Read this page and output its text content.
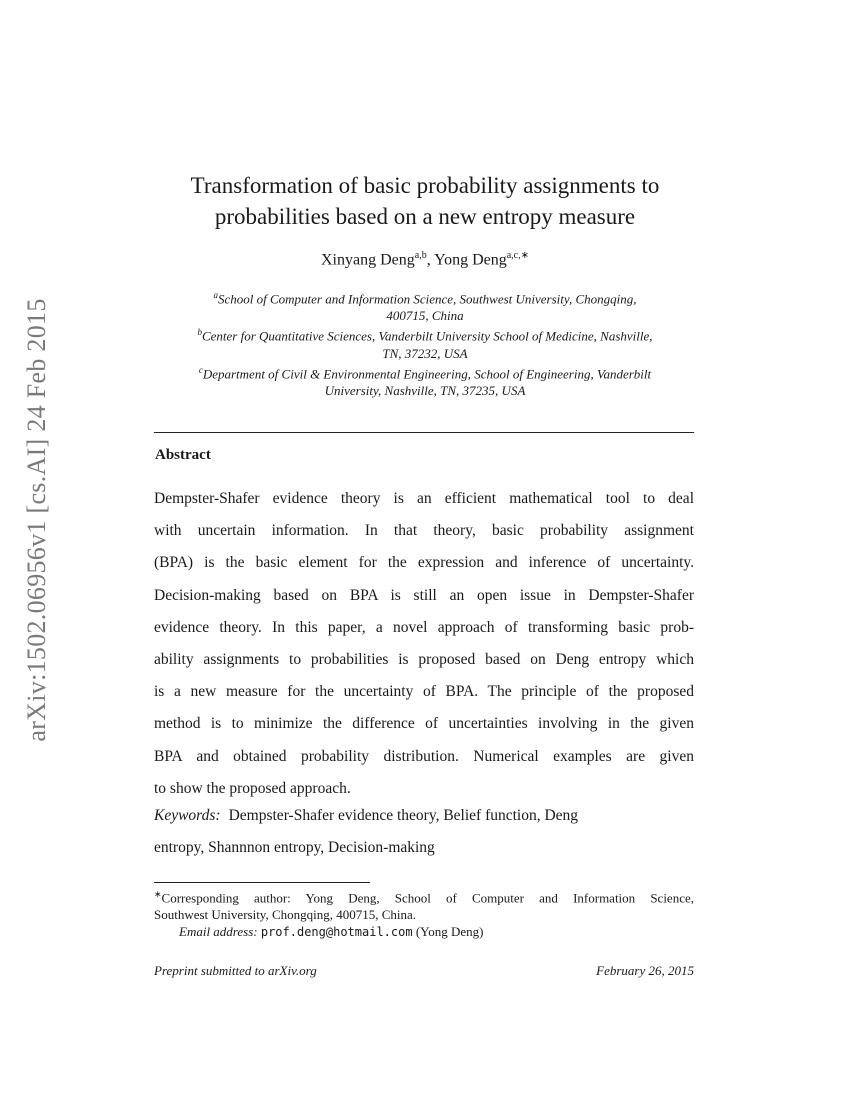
arXiv:1502.06956v1 [cs.AI] 24 Feb 2015
Transformation of basic probability assignments to
probabilities based on a new entropy measure
Xinyang Deng$^{a,b}$, Yong Deng$^{a,c,∗}$
$^a$School of Computer and Information Science, Southwest University, Chongqing,
400715, China
$^b$Center for Quantitative Sciences, Vanderbilt University School of Medicine, Nashville,
TN, 37232, USA
$^c$Department of Civil & Environmental Engineering, School of Engineering, Vanderbilt
University, Nashville, TN, 37235, USA
Abstract
Dempster-Shafer evidence theory is an efficient mathematical tool to deal
with uncertain information. In that theory, basic probability assignment
(BPA) is the basic element for the expression and inference of uncertainty.
Decision-making based on BPA is still an open issue in Dempster-Shafer
evidence theory. In this paper, a novel approach of transforming basic prob-
ability assignments to probabilities is proposed based on Deng entropy which
is a new measure for the uncertainty of BPA. The principle of the proposed
method is to minimize the difference of uncertainties involving in the given
BPA and obtained probability distribution. Numerical examples are given
to show the proposed approach.
Keywords: Dempster-Shafer evidence theory, Belief function, Deng
entropy, Shannnon entropy, Decision-making
∗Corresponding author: Yong Deng, School of Computer and Information Science,
Southwest University, Chongqing, 400715, China.
Email address: prof.deng@hotmail.com (Yong Deng)
Preprint submitted to arXiv.org	February 26, 2015
